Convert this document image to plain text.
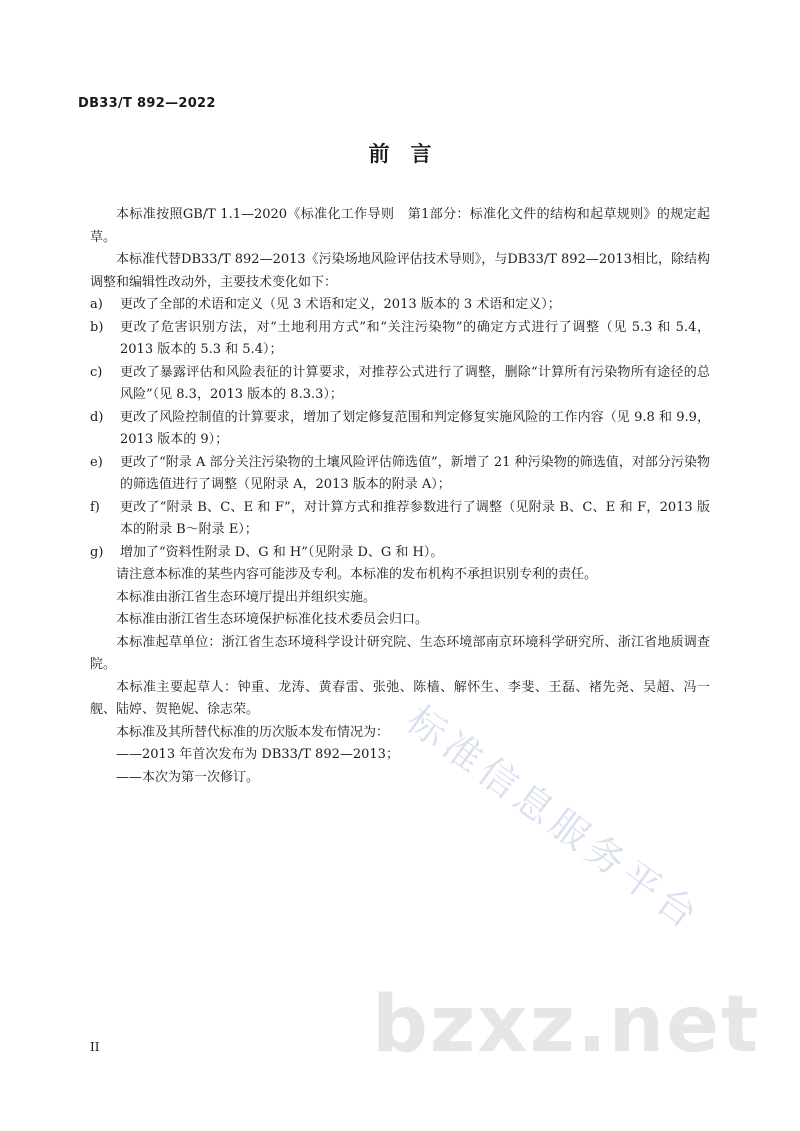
DB33/T 892—2022
前　言

本标准按照GB/T 1.1—2020《标准化工作导则　第1部分：标准化文件的结构和起草规则》的规定起草。

本标准代替DB33/T 892—2013《污染场地风险评估技术导则》，与DB33/T 892—2013相比，除结构调整和编辑性改动外，主要技术变化如下：

a) 更改了全部的术语和定义（见 3 术语和定义，2013 版本的 3 术语和定义）；

b) 更改了危害识别方法，对“土地利用方式”和“关注污染物”的确定方式进行了调整（见 5.3 和 5.4，2013 版本的 5.3 和 5.4）；

c) 更改了暴露评估和风险表征的计算要求，对推荐公式进行了调整，删除“计算所有污染物所有途径的总风险”（见 8.3，2013 版本的 8.3.3）；

d) 更改了风险控制值的计算要求，增加了划定修复范围和判定修复实施风险的工作内容（见 9.8 和 9.9，2013 版本的 9）；

e) 更改了“附录 A 部分关注污染物的土壤风险评估筛选值”，新增了 21 种污染物的筛选值，对部分污染物的筛选值进行了调整（见附录 A，2013 版本的附录 A）；

f) 更改了“附录 B、C、E 和 F”，对计算方式和推荐参数进行了调整（见附录 B、C、E 和 F，2013 版本的附录 B～附录 E）；

g) 增加了“资料性附录 D、G 和 H”（见附录 D、G 和 H）。

请注意本标准的某些内容可能涉及专利。本标准的发布机构不承担识别专利的责任。

本标准由浙江省生态环境厅提出并组织实施。

本标准由浙江省生态环境保护标准化技术委员会归口。

本标准起草单位：浙江省生态环境科学设计研究院、生态环境部南京环境科学研究所、浙江省地质调查院。

本标准主要起草人：钟重、龙涛、黄春雷、张弛、陈樯、解怀生、李斐、王磊、褚先尧、吴超、冯一舰、陆婷、贺艳妮、徐志荣。

本标准及其所替代标准的历次版本发布情况为：

——2013 年首次发布为 DB33/T 892—2013；

——本次为第一次修订。	标准信息服务平台
bzxz.net
II
